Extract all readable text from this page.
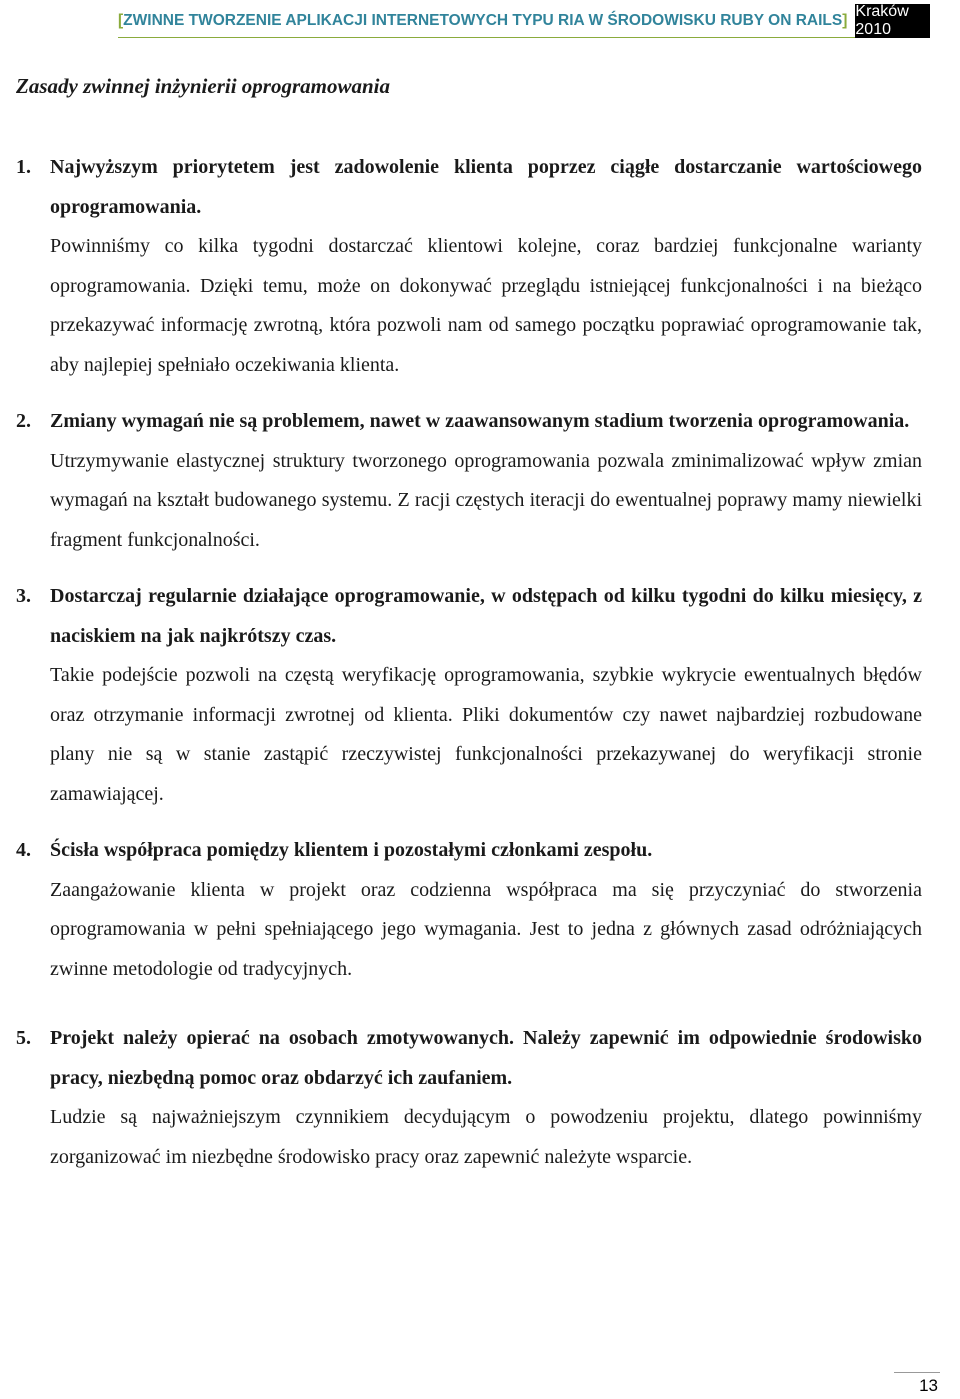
[ ZWINNE TWORZENIE APLIKACJI INTERNETOWYCH TYPU RIA W ŚRODOWISKU RUBY ON RAILS ] Kraków 2010
Zasady zwinnej inżynierii oprogramowania
1. Najwyższym priorytetem jest zadowolenie klienta poprzez ciągłe dostarczanie wartościowego oprogramowania.
Powinniśmy co kilka tygodni dostarczać klientowi kolejne, coraz bardziej funkcjonalne warianty oprogramowania. Dzięki temu, może on dokonywać przeglądu istniejącej funkcjonalności i na bieżąco przekazywać informację zwrotną, która pozwoli nam od samego początku poprawiać oprogramowanie tak, aby najlepiej spełniało oczekiwania klienta.
2. Zmiany wymagań nie są problemem, nawet w zaawansowanym stadium tworzenia oprogramowania.
Utrzymywanie elastycznej struktury tworzonego oprogramowania pozwala zminimalizować wpływ zmian wymagań na kształt budowanego systemu. Z racji częstych iteracji do ewentualnej poprawy mamy niewielki fragment funkcjonalności.
3. Dostarczaj regularnie działające oprogramowanie, w odstępach od kilku tygodni do kilku miesięcy, z naciskiem na jak najkrótszy czas.
Takie podejście pozwoli na częstą weryfikację oprogramowania, szybkie wykrycie ewentualnych błędów oraz otrzymanie informacji zwrotnej od klienta. Pliki dokumentów czy nawet najbardziej rozbudowane plany nie są w stanie zastąpić rzeczywistej funkcjonalności przekazywanej do weryfikacji stronie zamawiającej.
4. Ścisła współpraca pomiędzy klientem i pozostałymi członkami zespołu.
Zaangażowanie klienta w projekt oraz codzienna współpraca ma się przyczyniać do stworzenia oprogramowania w pełni spełniającego jego wymagania. Jest to jedna z głównych zasad odróżniających zwinne metodologie od tradycyjnych.
5. Projekt należy opierać na osobach zmotywowanych. Należy zapewnić im odpowiednie środowisko pracy, niezbędną pomoc oraz obdarzyć ich zaufaniem.
Ludzie są najważniejszym czynnikiem decydującym o powodzeniu projektu, dlatego powinniśmy zorganizować im niezbędne środowisko pracy oraz zapewnić należyte wsparcie.
13
